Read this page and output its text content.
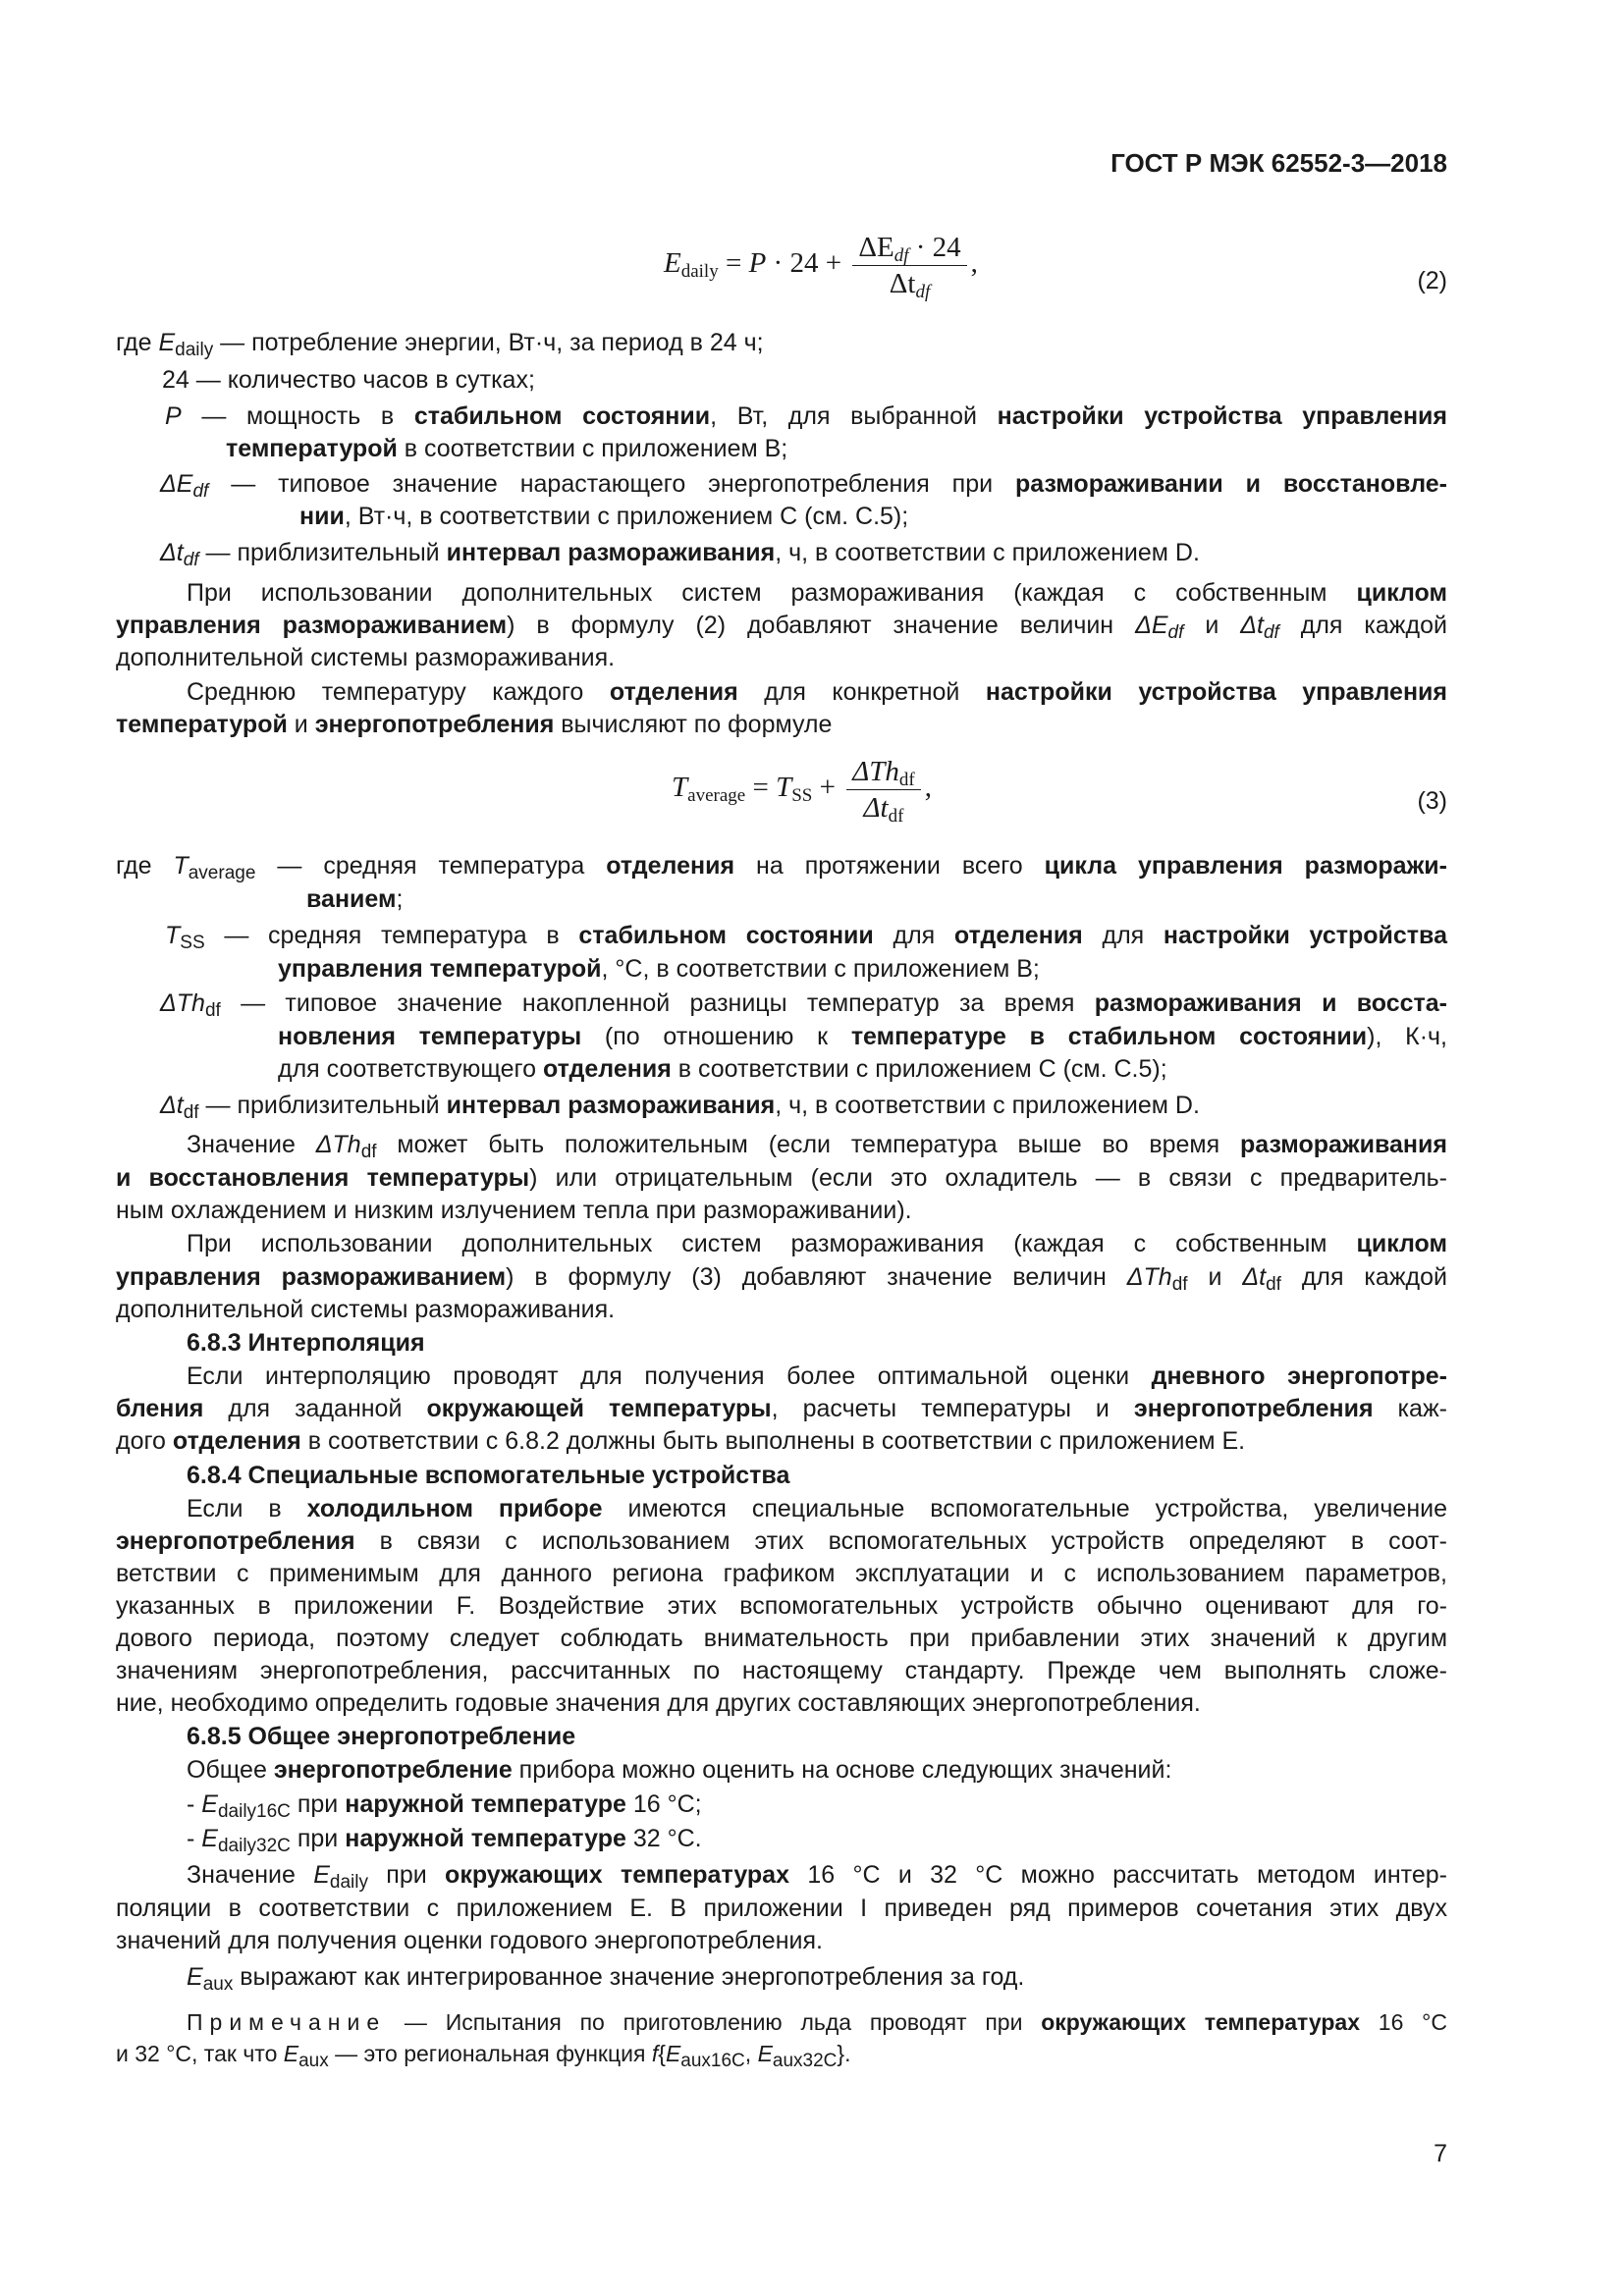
ГОСТ Р МЭК 62552-3—2018
$E_{daily} = P \cdot 24 + \frac{\Delta E_{df} \cdot 24}{\Delta t_{df}}$ ,
(2)
где $E_{daily}$ — потребление энергии, Вт·ч, за период в 24 ч;
24 — количество часов в сутках;
P — мощность в стабильном состоянии, Вт, для выбранной настройки устройства управления
температурой в соответствии с приложением В;
$\Delta E_{df}$ — типовое значение нарастающего энергопотребления при размораживании и восстановле-
нии, Вт·ч, в соответствии с приложением С (см. С.5);
$\Delta t_{df}$ — приблизительный интервал размораживания, ч, в соответствии с приложением D.
При использовании дополнительных систем размораживания (каждая с собственным циклом
управления размораживанием) в формулу (2) добавляют значение величин $\Delta E_{df}$ и $\Delta t_{df}$ для каждой
дополнительной системы размораживания.
Среднюю температуру каждого отделения для конкретной настройки устройства управления
температурой и энергопотребления вычисляют по формуле
$T_{average} = T_{SS} + \frac{\Delta Th_{df}}{\Delta t_{df}}$ ,	(3)
где $T_{average}$ — средняя температура отделения на протяжении всего цикла управления разморажи-
ванием;
$T_{SS}$ — средняя температура в стабильном состоянии для отделения для настройки устройства
управления температурой, °С, в соответствии с приложением В;
ΔTh$_{df}$ — типовое значение накопленной разницы температур за время размораживания и восста-
новления температуры (по отношению к температуре в стабильном состоянии), К·ч,
для соответствующего отделения в соответствии с приложением С (см. С.5);
$\Delta t_{df}$ — приблизительный интервал размораживания, ч, в соответствии с приложением D.
Значение ΔTh$_{df}$ может быть положительным (если температура выше во время размораживания
и восстановления температуры) или отрицательным (если это охладитель — в связи с предваритель-
ным охлаждением и низким излучением тепла при размораживании).
При использовании дополнительных систем размораживания (каждая с собственным циклом
управления размораживанием) в формулу (3) добавляют значение величин ΔTh$_{df}$ и $\Delta t_{df}$ для каждой
дополнительной системы размораживания.
6.8.3 Интерполяция
Если интерполяцию проводят для получения более оптимальной оценки дневного энергопотре-
бления для заданной окружающей температуры, расчеты температуры и энергопотребления каж-
дого отделения в соответствии с 6.8.2 должны быть выполнены в соответствии с приложением Е.
6.8.4 Специальные вспомогательные устройства
Если в холодильном приборе имеются специальные вспомогательные устройства, увеличение
энергопотребления в связи с использованием этих вспомогательных устройств определяют в соот-
ветствии с применимым для данного региона графиком эксплуатации и с использованием параметров,
указанных в приложении F. Воздействие этих вспомогательных устройств обычно оценивают для го-
дового периода, поэтому следует соблюдать внимательность при прибавлении этих значений к другим
значениям энергопотребления, рассчитанных по настоящему стандарту. Прежде чем выполнять сложе-
ние, необходимо определить годовые значения для других составляющих энергопотребления.
6.8.5 Общее энергопотребление
Общее энергопотребление прибора можно оценить на основе следующих значений:
- $E_{daily16C}$ при наружной температуре 16 °С;
- $E_{daily32C}$ при наружной температуре 32 °С.
Значение $E_{daily}$ при окружающих температурах 16 °С и 32 °С можно рассчитать методом интер-
поляции в соответствии с приложением Е. В приложении I приведен ряд примеров сочетания этих двух
значений для получения оценки годового энергопотребления.
$E_{aux}$ выражают как интегрированное значение энергопотребления за год.
Примечание — Испытания по приготовлению льда проводят при окружающих температурах 16 °С
и 32 °С, так что $E_{aux}$ — это региональная функция $f\{E_{aux16C}$, $E_{aux32C}$}.
7
